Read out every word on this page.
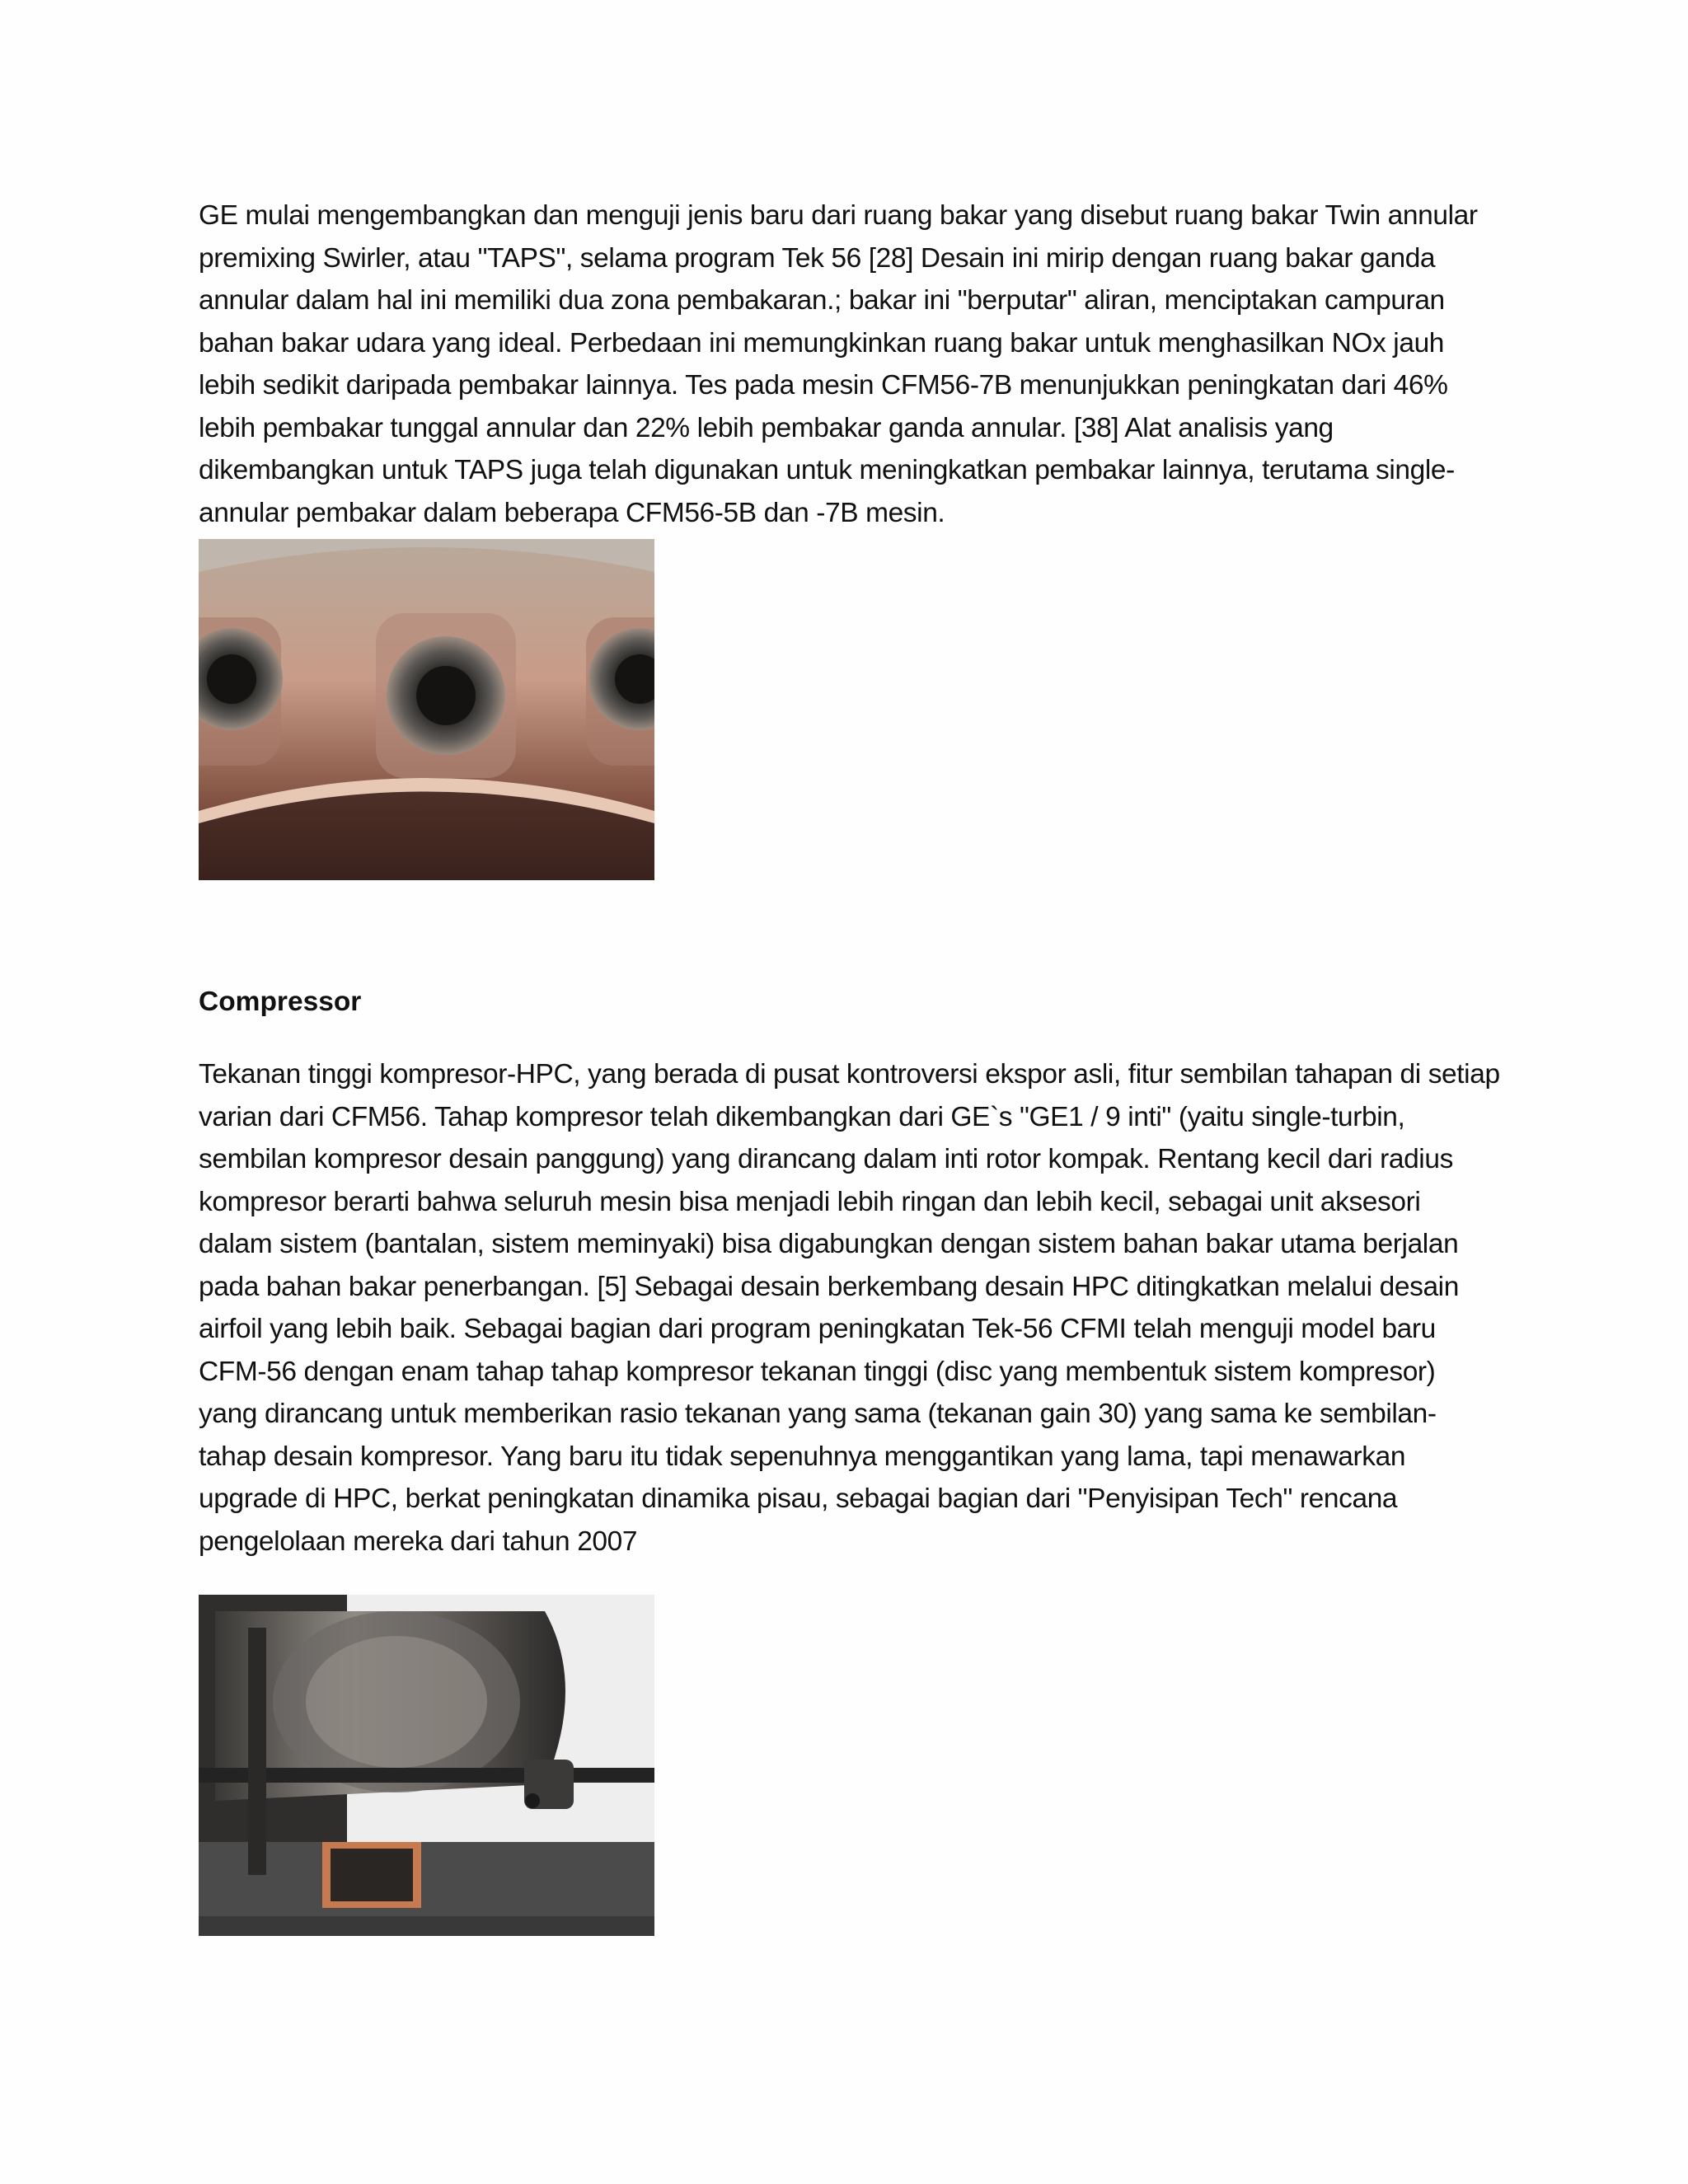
GE mulai mengembangkan dan menguji jenis baru dari ruang bakar yang disebut ruang bakar Twin annular premixing Swirler, atau "TAPS", selama program Tek 56 [28] Desain ini mirip dengan ruang bakar ganda annular dalam hal ini memiliki dua zona pembakaran.; bakar ini "berputar" aliran, menciptakan campuran bahan bakar udara yang ideal. Perbedaan ini memungkinkan ruang bakar untuk menghasilkan NOx jauh lebih sedikit daripada pembakar lainnya. Tes pada mesin CFM56-7B menunjukkan peningkatan dari 46% lebih pembakar tunggal annular dan 22% lebih pembakar ganda annular. [38] Alat analisis yang dikembangkan untuk TAPS juga telah digunakan untuk meningkatkan pembakar lainnya, terutama single-annular pembakar dalam beberapa CFM56-5B dan -7B mesin.

Compressor

Tekanan tinggi kompresor-HPC, yang berada di pusat kontroversi ekspor asli, fitur sembilan tahapan di setiap varian dari CFM56. Tahap kompresor telah dikembangkan dari GE`s "GE1 / 9 inti" (yaitu single-turbin, sembilan kompresor desain panggung) yang dirancang dalam inti rotor kompak. Rentang kecil dari radius kompresor berarti bahwa seluruh mesin bisa menjadi lebih ringan dan lebih kecil, sebagai unit aksesori dalam sistem (bantalan, sistem meminyaki) bisa digabungkan dengan sistem bahan bakar utama berjalan pada bahan bakar penerbangan. [5] Sebagai desain berkembang desain HPC ditingkatkan melalui desain airfoil yang lebih baik. Sebagai bagian dari program peningkatan Tek-56 CFMI telah menguji model baru CFM-56 dengan enam tahap tahap kompresor tekanan tinggi (disc yang membentuk sistem kompresor) yang dirancang untuk memberikan rasio tekanan yang sama (tekanan gain 30) yang sama ke sembilan-tahap desain kompresor. Yang baru itu tidak sepenuhnya menggantikan yang lama, tapi menawarkan upgrade di HPC, berkat peningkatan dinamika pisau, sebagai bagian dari "Penyisipan Tech" rencana pengelolaan mereka dari tahun 2007
